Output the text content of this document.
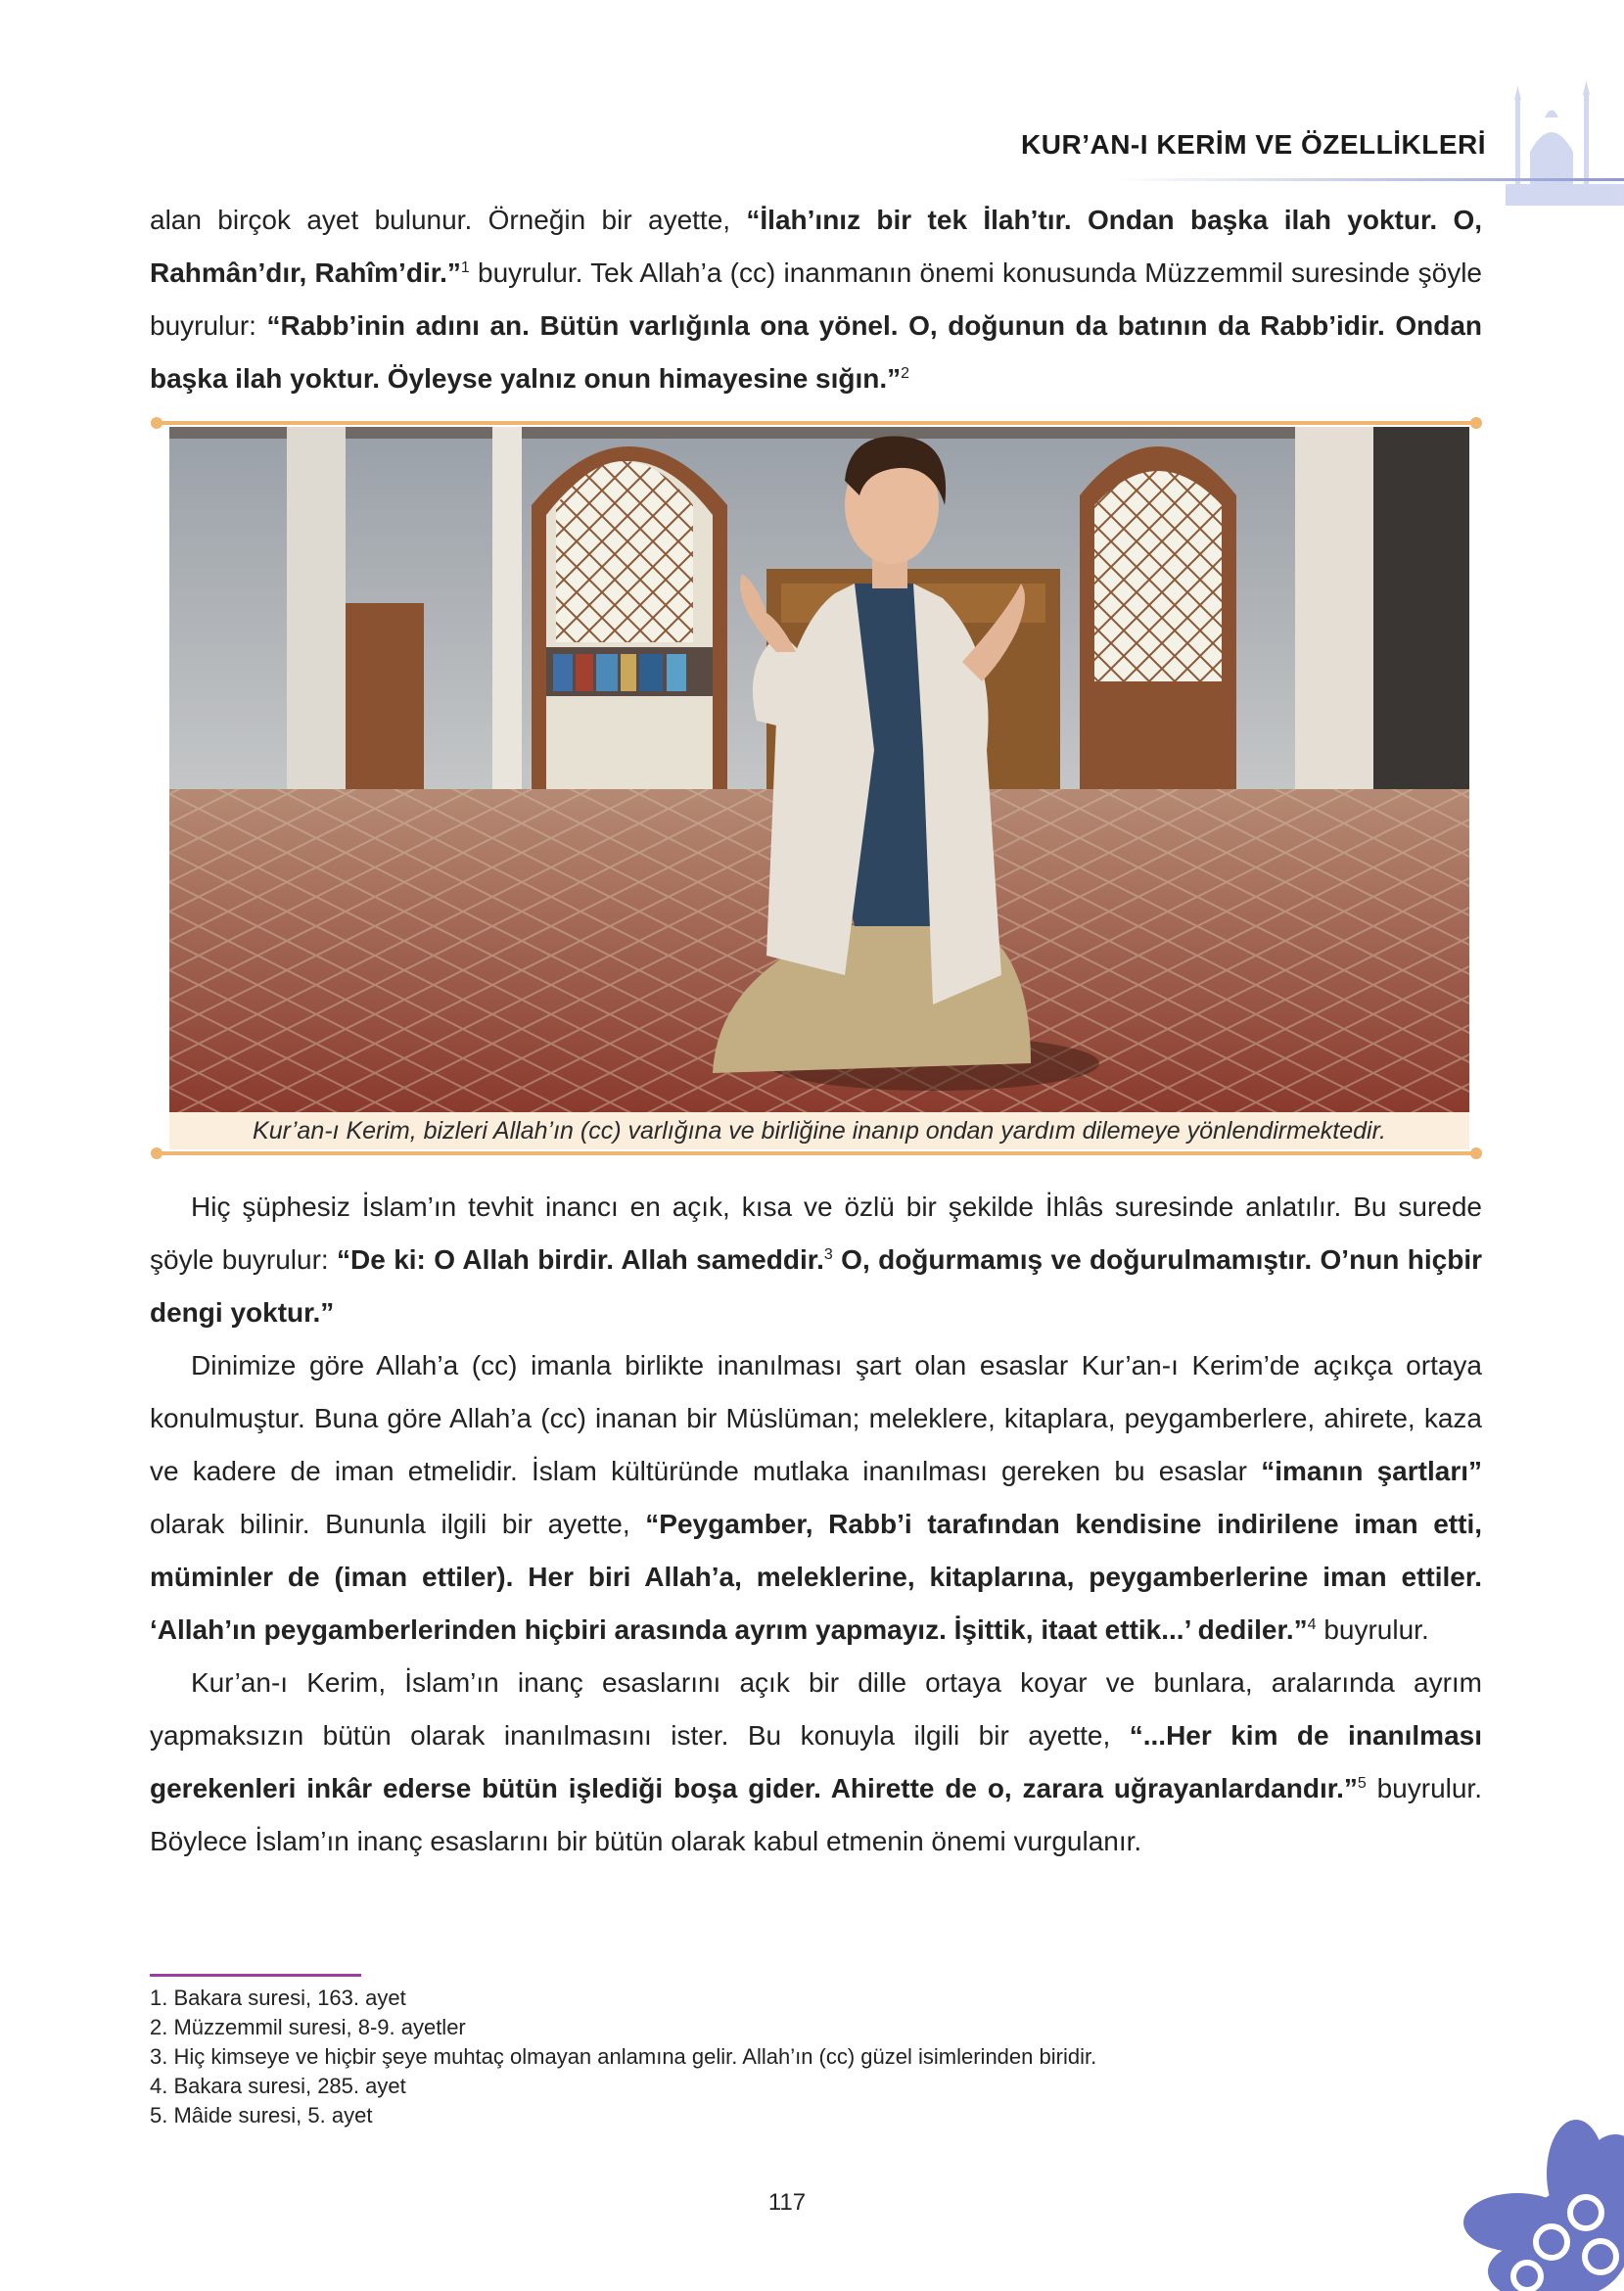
KUR’AN-I KERİM VE ÖZELLİKLERİ

alan birçok ayet bulunur. Örneğin bir ayette, “İlah’ınız bir tek İlah’tır. Ondan başka ilah yoktur. O, Rahmân’dır, Rahîm’dir.”$^1$ buyrulur. Tek Allah’a (cc) inanmanın önemi konusunda Müzzemmil suresinde şöyle buyrulur: “Rabb’inin adını an. Bütün varlığınla ona yönel. O, doğunun da batının da Rabb’idir. Ondan başka ilah yoktur. Öyleyse yalnız onun himayesine sığın.”$^2$

Kur’an-ı Kerim, bizleri Allah’ın (cc) varlığına ve birliğine inanıp ondan yardım dilemeye yönlendirmektedir.

Hiç şüphesiz İslam’ın tevhit inancı en açık, kısa ve özlü bir şekilde İhlâs suresinde anlatılır. Bu surede şöyle buyrulur: “De ki: O Allah birdir. Allah sameddir.$^3$ O, doğurmamış ve doğurulmamıştır. O’nun hiçbir dengi yoktur.”

Dinimize göre Allah’a (cc) imanla birlikte inanılması şart olan esaslar Kur’an-ı Kerim’de açıkça ortaya konulmuştur. Buna göre Allah’a (cc) inanan bir Müslüman; meleklere, kitaplara, peygamberlere, ahirete, kaza ve kadere de iman etmelidir. İslam kültüründe mutlaka inanılması gereken bu esaslar “imanın şartları” olarak bilinir. Bununla ilgili bir ayette, “Peygamber, Rabb’i tarafından kendisine indirilene iman etti, müminler de (iman ettiler). Her biri Allah’a, meleklerine, kitaplarına, peygamberlerine iman ettiler. ‘Allah’ın peygamberlerinden hiçbiri arasında ayrım yapmayız. İşittik, itaat ettik...’ dediler.”$^4$ buyrulur.

Kur’an-ı Kerim, İslam’ın inanç esaslarını açık bir dille ortaya koyar ve bunlara, aralarında ayrım yapmaksızın bütün olarak inanılmasını ister. Bu konuyla ilgili bir ayette, “...Her kim de inanılması gerekenleri inkâr ederse bütün işlediği boşa gider. Ahirette de o, zarara uğrayanlardandır.”$^5$ buyrulur. Böylece İslam’ın inanç esaslarını bir bütün olarak kabul etmenin önemi vurgulanır.

1. Bakara suresi, 163. ayet
2. Müzzemmil suresi, 8-9. ayetler
3. Hiç kimseye ve hiçbir şeye muhtaç olmayan anlamına gelir. Allah’ın (cc) güzel isimlerinden biridir.
4. Bakara suresi, 285. ayet
5. Mâide suresi, 5. ayet
117
